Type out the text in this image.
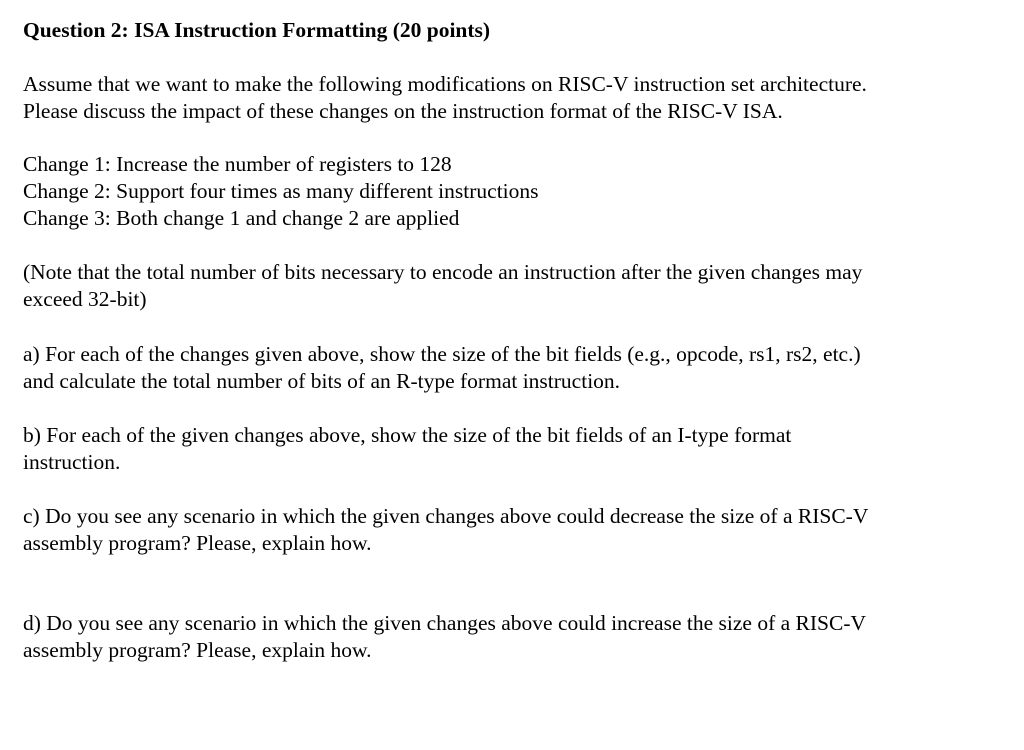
Question 2: ISA Instruction Formatting (20 points)

Assume that we want to make the following modifications on RISC-V instruction set architecture.
Please discuss the impact of these changes on the instruction format of the RISC-V ISA.

Change 1: Increase the number of registers to 128
Change 2: Support four times as many different instructions
Change 3: Both change 1 and change 2 are applied

(Note that the total number of bits necessary to encode an instruction after the given changes may
exceed 32-bit)

a) For each of the changes given above, show the size of the bit fields (e.g., opcode, rs1, rs2, etc.)
and calculate the total number of bits of an R-type format instruction.

b) For each of the given changes above, show the size of the bit fields of an I-type format
instruction.

c) Do you see any scenario in which the given changes above could decrease the size of a RISC-V
assembly program? Please, explain how.

d) Do you see any scenario in which the given changes above could increase the size of a RISC-V
assembly program? Please, explain how.
